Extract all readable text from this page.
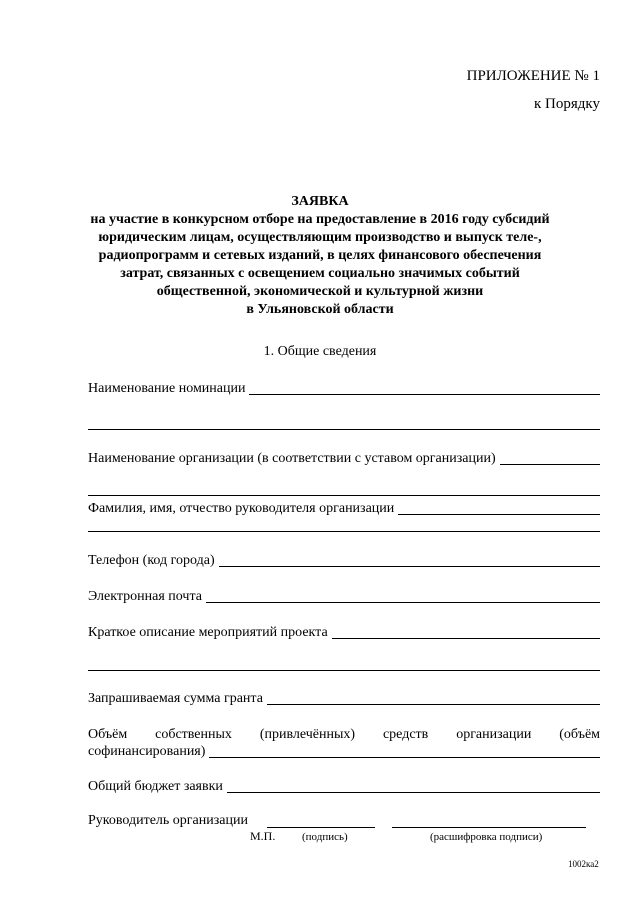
ПРИЛОЖЕНИЕ № 1
к Порядку
ЗАЯВКА
на участие в конкурсном отборе на предоставление в 2016 году субсидий
юридическим лицам, осуществляющим производство и выпуск теле-,
радиопрограмм и сетевых изданий, в целях финансового обеспечения
затрат, связанных с освещением социально значимых событий
общественной, экономической и культурной жизни
в Ульяновской области
1. Общие сведения
Наименование номинации
Наименование организации (в соответствии с уставом организации)
Фамилия, имя, отчество руководителя организации
Телефон (код города)
Электронная почта
Краткое описание мероприятий проекта
Запрашиваемая сумма гранта
Объём собственных (привлечённых) средств организации (объём
софинансирования)
Общий бюджет заявки
Руководитель организации
М.П. (подпись)	(расшифровка подписи)
1002ка2
